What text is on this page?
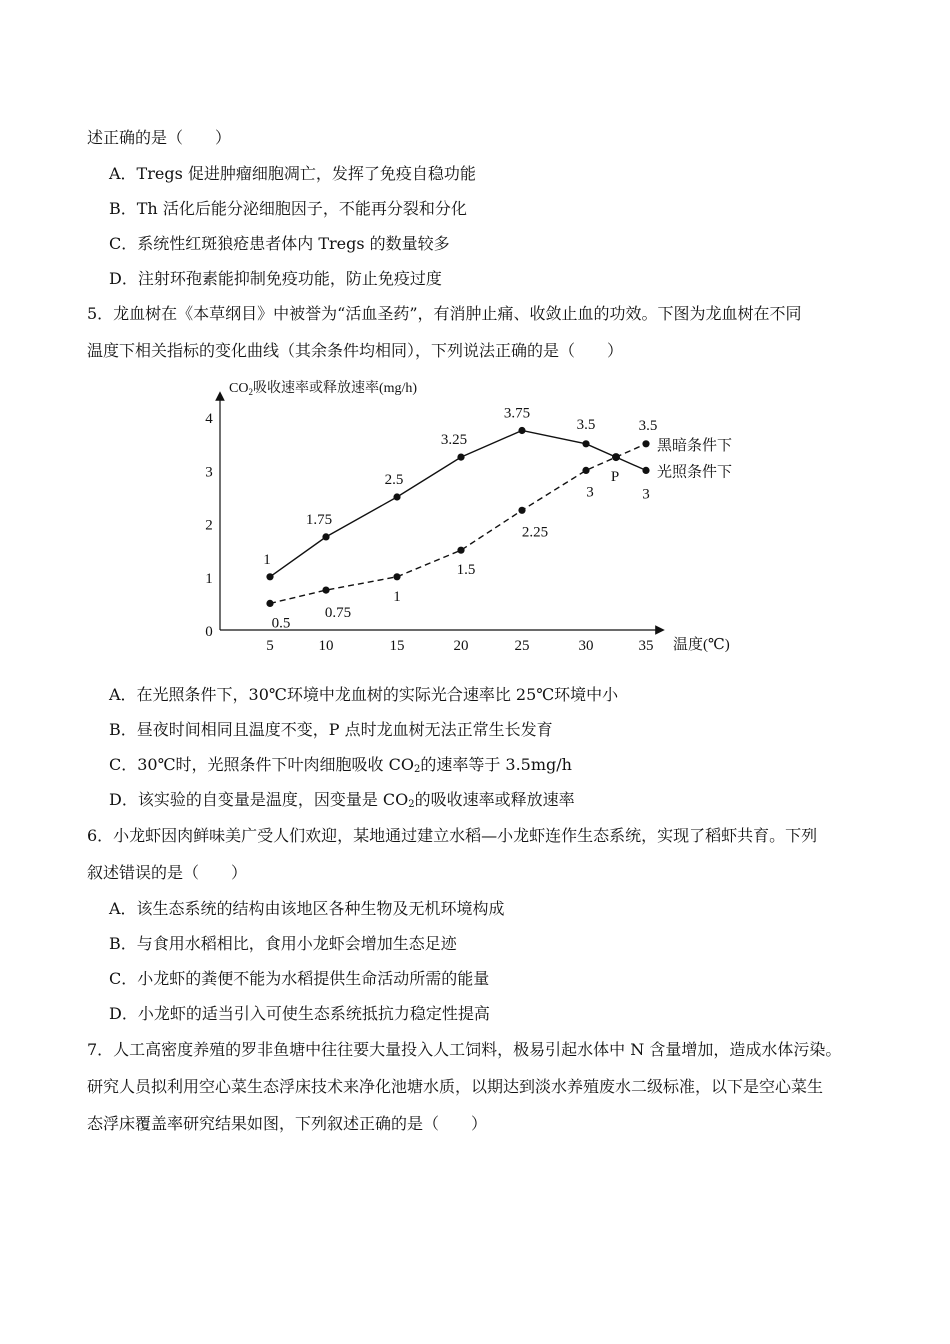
述正确的是（　　）
A．Tregs 促进肿瘤细胞凋亡，发挥了免疫自稳功能
B．Th 活化后能分泌细胞因子，不能再分裂和分化
C．系统性红斑狼疮患者体内 Tregs 的数量较多
D．注射环孢素能抑制免疫功能，防止免疫过度
5．龙血树在《本草纲目》中被誉为“活血圣药”，有消肿止痛、收敛止血的功效。下图为龙血树在不同
温度下相关指标的变化曲线（其余条件均相同），下列说法正确的是（　　）
$CO_2$吸收速率或释放速率(mg/h)
0
1
2
3
4
5	10	15	20	25	30	35
P
1
1.75
2.5
3.25
3.75
3.5
3
0.5
0.75
1
1.5
2.25
3
3.5
黑暗条件下
光照条件下
温度(℃)
A．在光照条件下，30℃环境中龙血树的实际光合速率比 25℃环境中小
B．昼夜时间相同且温度不变，P 点时龙血树无法正常生长发育
C．30℃时，光照条件下叶肉细胞吸收 $CO_2$的速率等于 3.5mg/h
D．该实验的自变量是温度，因变量是 $CO_2$的吸收速率或释放速率
6．小龙虾因肉鲜味美广受人们欢迎，某地通过建立水稻—小龙虾连作生态系统，实现了稻虾共育。下列
叙述错误的是（　　）
A．该生态系统的结构由该地区各种生物及无机环境构成
B．与食用水稻相比，食用小龙虾会增加生态足迹
C．小龙虾的粪便不能为水稻提供生命活动所需的能量
D．小龙虾的适当引入可使生态系统抵抗力稳定性提高
7．人工高密度养殖的罗非鱼塘中往往要大量投入人工饲料，极易引起水体中 N 含量增加，造成水体污染。
研究人员拟利用空心菜生态浮床技术来净化池塘水质，以期达到淡水养殖废水二级标准，以下是空心菜生
态浮床覆盖率研究结果如图，下列叙述正确的是（　　）
